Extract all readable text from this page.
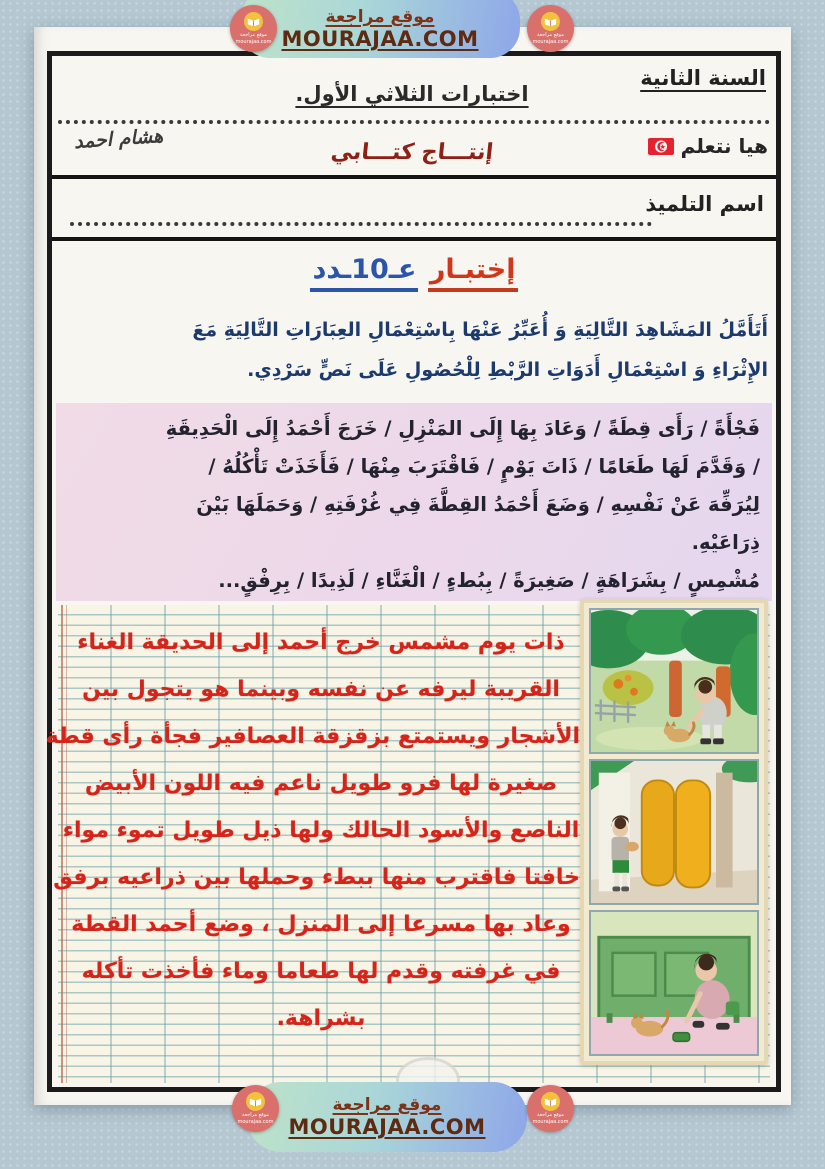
السنة الثانية
اختبارات الثلاثي الأول.
هيا نتعلم
إنتـــاج كتـــابي
هشام احمد
اسم التلميذ
إختبـار عـ10ـدد
أَتَأَمَّلُ المَشَاهِدَ التَّالِيَةِ وَ أُعَبِّرُ عَنْهَا بِاسْتِعْمَالِ العِبَارَاتِ التَّالِيَةِ مَعَ
الإِثْرَاءِ وَ اسْتِعْمَالِ أَدَوَاتِ الرَّبْطِ لِلْحُصُولِ عَلَى نَصٍّ سَرْدِي.
فَجْأَةً / رَأَى قِطَةً / وَعَادَ بِهَا إِلَى المَنْزِلِ / خَرَجَ أَحْمَدُ إِلَى الْحَدِيقَةِ
/ وَقَدَّمَ لَهَا طَعَامًا / ذَاتَ يَوْمٍ / فَاقْتَرَبَ مِنْهَا / فَأَخَذَتْ تَأْكُلُهُ /
لِيُرَفِّهَ عَنْ نَفْسِهِ / وَضَعَ أَحْمَدُ القِطَّةَ فِي غُرْفَتِهِ / وَحَمَلَهَا بَيْنَ
ذِرَاعَيْهِ.
مُشْمِسٍ / بِشَرَاهَةٍ / صَغِيرَةً / بِبُطءٍ / الْغَنَّاءِ / لَذِيدًا / بِرِفْقٍ...
ذات يوم مشمس خرج أحمد إلى الحديقة الغناء
القريبة ليرفه عن نفسه وبينما هو يتجول بين
الأشجار ويستمتع بزقزقة العصافير فجأة رأى قطة
صغيرة لها فرو طويل ناعم فيه اللون الأبيض
الناصع والأسود الحالك ولها ذيل طويل تموء مواء
خافتا فاقترب منها ببطء وحملها بين ذراعيه برفق
وعاد بها مسرعا إلى المنزل ، وضع أحمد القطة
في غرفته وقدم لها طعاما وماء فأخذت تأكله
بشراهة.
موقع مراجعة
MOURAJAA.COM
موقع مراجعة
MOURAJAA.COM
موقع مراجعة
mourajaa.com
موقع مراجعة
mourajaa.com
موقع مراجعة
mourajaa.com
موقع مراجعة
mourajaa.com
